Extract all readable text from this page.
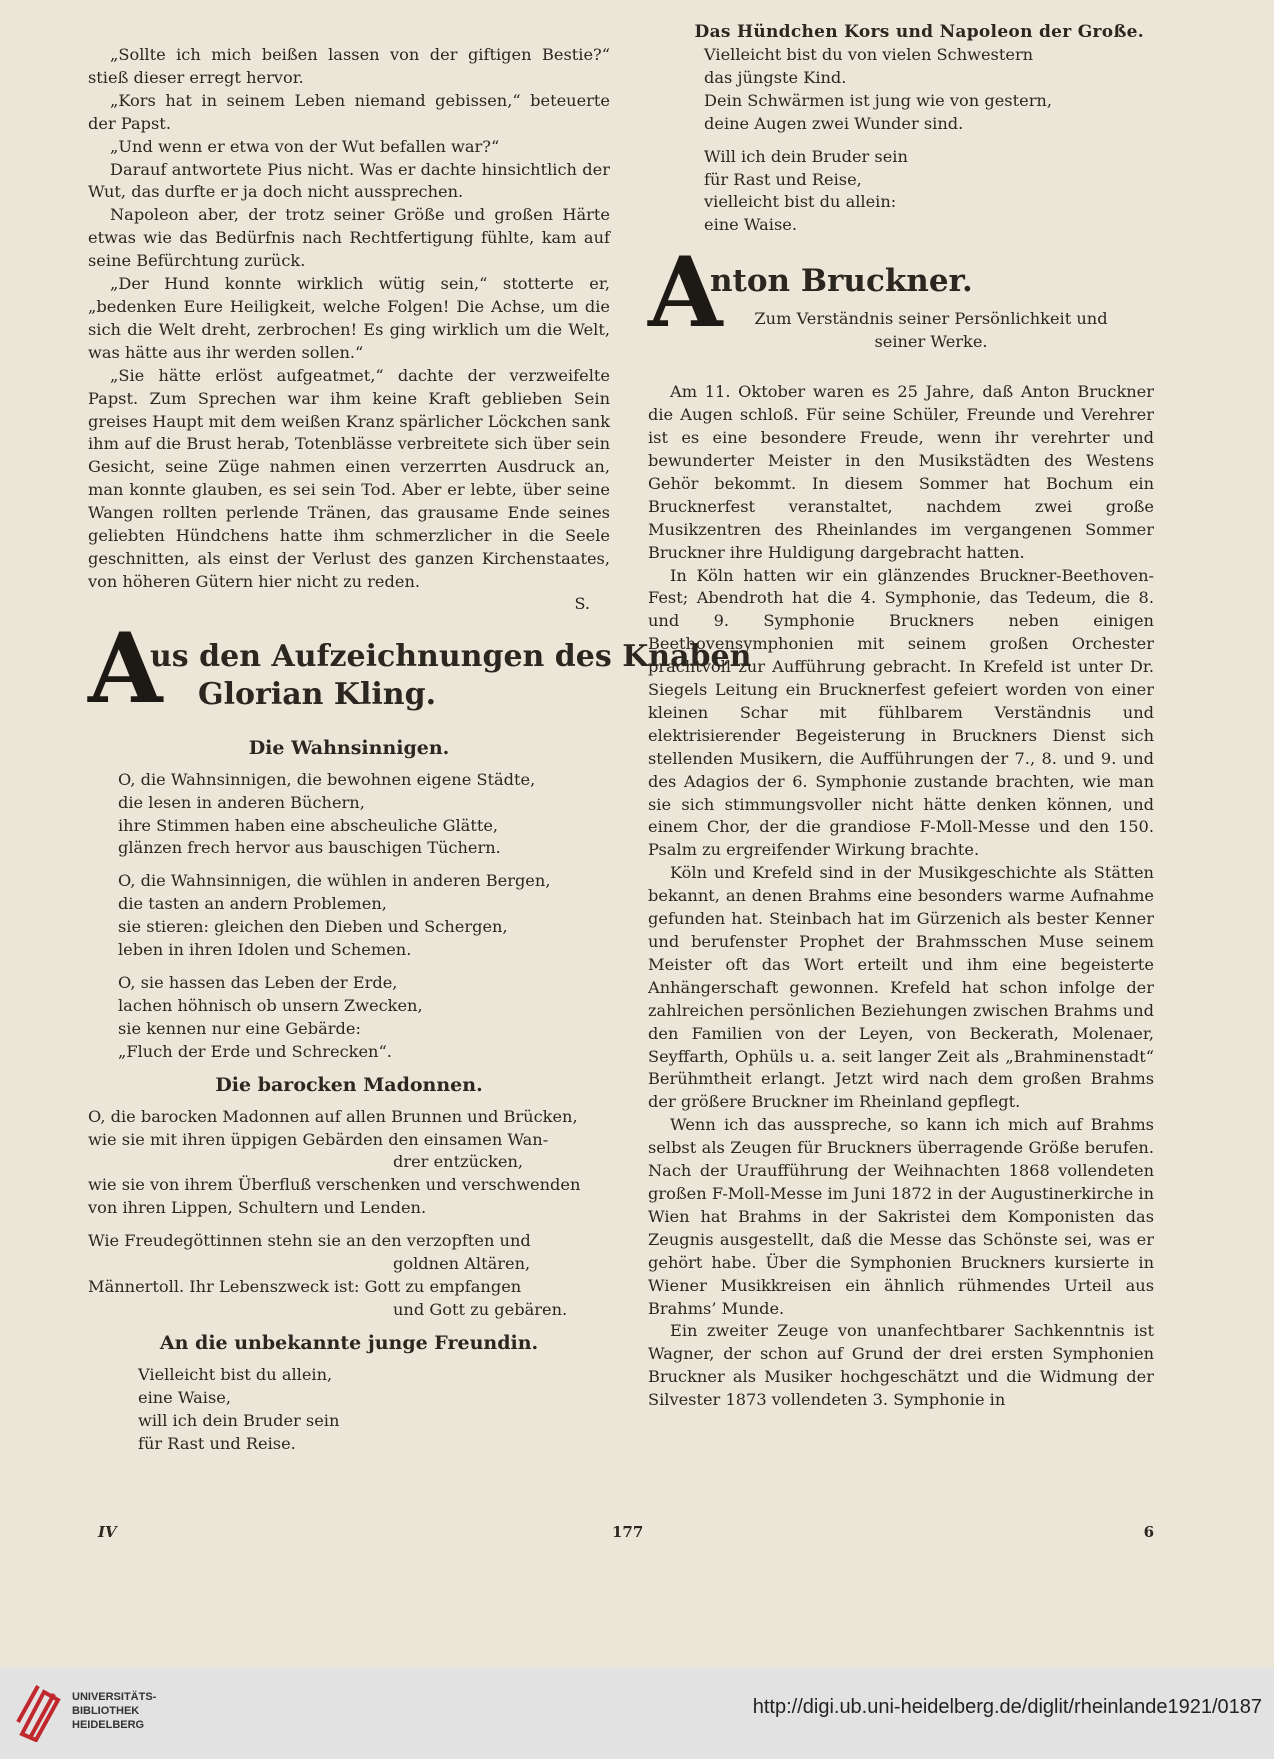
Das Hündchen Kors und Napoleon der Große.

„Sollte ich mich beißen lassen von der giftigen Bestie?“ stieß dieser erregt hervor.

„Kors hat in seinem Leben niemand gebissen,“ beteuerte der Papst.

„Und wenn er etwa von der Wut befallen war?“

Darauf antwortete Pius nicht. Was er dachte hinsichtlich der Wut, das durfte er ja doch nicht aussprechen.

Napoleon aber, der trotz seiner Größe und großen Härte etwas wie das Bedürfnis nach Rechtfertigung fühlte, kam auf seine Befürchtung zurück.

„Der Hund konnte wirklich wütig sein,“ stotterte er, „bedenken Eure Heiligkeit, welche Folgen! Die Achse, um die sich die Welt dreht, zerbrochen! Es ging wirklich um die Welt, was hätte aus ihr werden sollen.“

„Sie hätte erlöst aufgeatmet,“ dachte der verzweifelte Papst. Zum Sprechen war ihm keine Kraft geblieben Sein greises Haupt mit dem weißen Kranz spärlicher Löckchen sank ihm auf die Brust herab, Totenblässe verbreitete sich über sein Gesicht, seine Züge nahmen einen verzerrten Ausdruck an, man konnte glauben, es sei sein Tod. Aber er lebte, über seine Wangen rollten perlende Tränen, das grausame Ende seines geliebten Hündchens hatte ihm schmerzlicher in die Seele geschnitten, als einst der Verlust des ganzen Kirchenstaates, von höheren Gütern hier nicht zu reden.

S.
A
us den Aufzeichnungen des Knaben
Glorian Kling.
Die Wahnsinnigen.
O, die Wahnsinnigen, die bewohnen eigene Städte,
die lesen in anderen Büchern,
ihre Stimmen haben eine abscheuliche Glätte,
glänzen frech hervor aus bauschigen Tüchern.
O, die Wahnsinnigen, die wühlen in anderen Bergen,
die tasten an andern Problemen,
sie stieren: gleichen den Dieben und Schergen,
leben in ihren Idolen und Schemen.
O, sie hassen das Leben der Erde,
lachen höhnisch ob unsern Zwecken,
sie kennen nur eine Gebärde:
„Fluch der Erde und Schrecken“.
Die barocken Madonnen.
O, die barocken Madonnen auf allen Brunnen und Brücken,
wie sie mit ihren üppigen Gebärden den einsamen Wan-
drer entzücken,
wie sie von ihrem Überfluß verschenken und verschwenden
von ihren Lippen, Schultern und Lenden.
Wie Freudegöttinnen stehn sie an den verzopften und
goldnen Altären,
Männertoll. Ihr Lebenszweck ist: Gott zu empfangen
und Gott zu gebären.
An die unbekannte junge Freundin.
Vielleicht bist du allein,
eine Waise,
will ich dein Bruder sein
für Rast und Reise.
Vielleicht bist du von vielen Schwestern
das jüngste Kind.
Dein Schwärmen ist jung wie von gestern,
deine Augen zwei Wunder sind.
Will ich dein Bruder sein
für Rast und Reise,
vielleicht bist du allein:
eine Waise.
A
nton Bruckner.
Zum Verständnis seiner Persönlichkeit und
seiner Werke.

Am 11. Oktober waren es 25 Jahre, daß Anton Bruckner die Augen schloß. Für seine Schüler, Freunde und Verehrer ist es eine besondere Freude, wenn ihr verehrter und bewunderter Meister in den Musikstädten des Westens Gehör bekommt. In diesem Sommer hat Bochum ein Brucknerfest veranstaltet, nachdem zwei große Musikzentren des Rheinlandes im vergangenen Sommer Bruckner ihre Huldigung dargebracht hatten.

In Köln hatten wir ein glänzendes Bruckner-Beethoven-Fest; Abendroth hat die 4. Symphonie, das Tedeum, die 8. und 9. Symphonie Bruckners neben einigen Beethovensymphonien mit seinem großen Orchester prachtvoll zur Aufführung gebracht. In Krefeld ist unter Dr. Siegels Leitung ein Brucknerfest gefeiert worden von einer kleinen Schar mit fühlbarem Verständnis und elektrisierender Begeisterung in Bruckners Dienst sich stellenden Musikern, die Aufführungen der 7., 8. und 9. und des Adagios der 6. Symphonie zustande brachten, wie man sie sich stimmungsvoller nicht hätte denken können, und einem Chor, der die grandiose F-Moll-Messe und den 150. Psalm zu ergreifender Wirkung brachte.

Köln und Krefeld sind in der Musikgeschichte als Stätten bekannt, an denen Brahms eine besonders warme Aufnahme gefunden hat. Steinbach hat im Gürzenich als bester Kenner und berufenster Prophet der Brahmsschen Muse seinem Meister oft das Wort erteilt und ihm eine begeisterte Anhängerschaft gewonnen. Krefeld hat schon infolge der zahlreichen persönlichen Beziehungen zwischen Brahms und den Familien von der Leyen, von Beckerath, Molenaer, Seyffarth, Ophüls u. a. seit langer Zeit als „Brahminenstadt“ Berühmtheit erlangt. Jetzt wird nach dem großen Brahms der größere Bruckner im Rheinland gepflegt.

Wenn ich das ausspreche, so kann ich mich auf Brahms selbst als Zeugen für Bruckners überragende Größe berufen. Nach der Uraufführung der Weihnachten 1868 vollendeten großen F-Moll-Messe im Juni 1872 in der Augustinerkirche in Wien hat Brahms in der Sakristei dem Komponisten das Zeugnis ausgestellt, daß die Messe das Schönste sei, was er gehört habe. Über die Symphonien Bruckners kursierte in Wiener Musikkreisen ein ähnlich rühmendes Urteil aus Brahms’ Munde.

Ein zweiter Zeuge von unanfechtbarer Sachkenntnis ist Wagner, der schon auf Grund der drei ersten Symphonien Bruckner als Musiker hochgeschätzt und die Widmung der Silvester 1873 vollendeten 3. Symphonie in

IV	177	6
UNIVERSITÄTS-
BIBLIOTHEK
HEIDELBERG
http://digi.ub.uni-heidelberg.de/diglit/rheinlande1921/0187
